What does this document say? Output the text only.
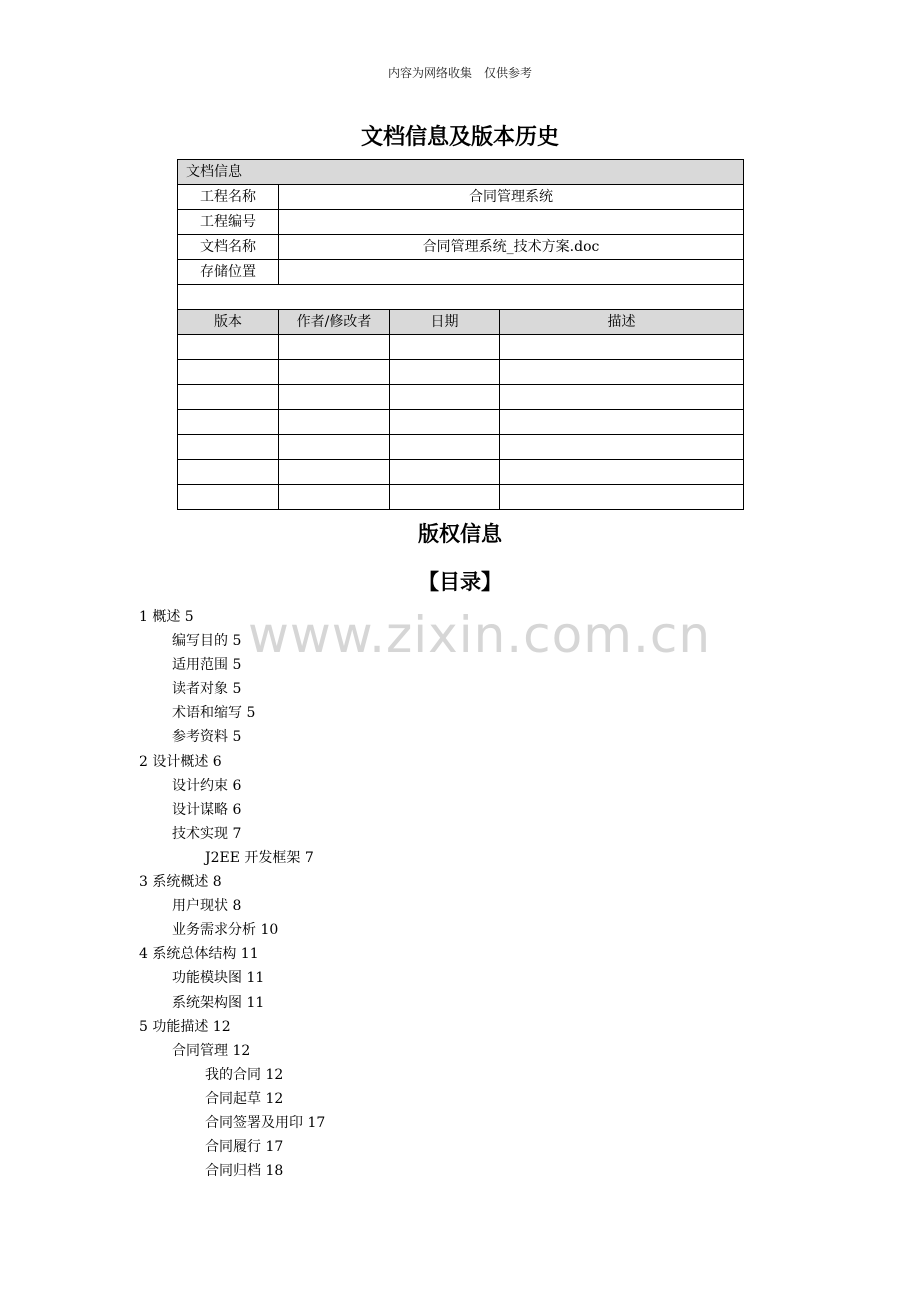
内容为网络收集 仅供参考
文档信息及版本历史
文档信息			
工程名称	合同管理系统		
工程编号			
文档名称	合同管理系统_技术方案.doc		
存储位置			

版本	作者/修改者	日期	描述

版权信息
【目录】
1 概述 5
编写目的 5
适用范围 5
读者对象 5
术语和缩写 5
参考资料 5
2 设计概述 6
设计约束 6
设计谋略 6
技术实现 7
J2EE 开发框架 7
3 系统概述 8
用户现状 8
业务需求分析 10
4 系统总体结构 11
功能模块图 11
系统架构图 11
5 功能描述 12
合同管理 12
我的合同 12
合同起草 12
合同签署及用印 17
合同履行 17
合同归档 18
www.zixin.com.cn
